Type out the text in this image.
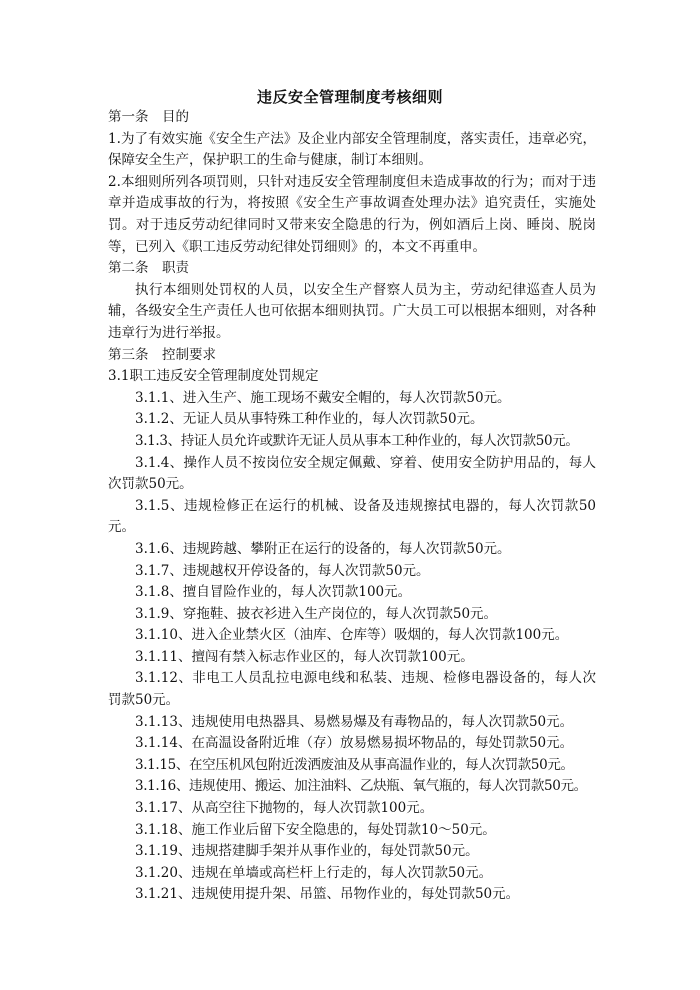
违反安全管理制度考核细则
第一条　目的
1.为了有效实施《安全生产法》及企业内部安全管理制度，落实责任，违章必究，保障安全生产，保护职工的生命与健康，制订本细则。
2.本细则所列各项罚则，只针对违反安全管理制度但未造成事故的行为；而对于违章并造成事故的行为，将按照《安全生产事故调查处理办法》追究责任，实施处罚。对于违反劳动纪律同时又带来安全隐患的行为，例如酒后上岗、睡岗、脱岗等，已列入《职工违反劳动纪律处罚细则》的，本文不再重申。
第二条　职责
执行本细则处罚权的人员，以安全生产督察人员为主，劳动纪律巡查人员为辅，各级安全生产责任人也可依据本细则执罚。广大员工可以根据本细则，对各种违章行为进行举报。
第三条　控制要求
3.1职工违反安全管理制度处罚规定
3.1.1、进入生产、施工现场不戴安全帽的，每人次罚款50元。
3.1.2、无证人员从事特殊工种作业的，每人次罚款50元。
3.1.3、持证人员允许或默许无证人员从事本工种作业的，每人次罚款50元。
3.1.4、操作人员不按岗位安全规定佩戴、穿着、使用安全防护用品的，每人次罚款50元。
3.1.5、违规检修正在运行的机械、设备及违规擦拭电器的，每人次罚款50元。
3.1.6、违规跨越、攀附正在运行的设备的，每人次罚款50元。
3.1.7、违规越权开停设备的，每人次罚款50元。
3.1.8、擅自冒险作业的，每人次罚款100元。
3.1.9、穿拖鞋、披衣衫进入生产岗位的，每人次罚款50元。
3.1.10、进入企业禁火区（油库、仓库等）吸烟的，每人次罚款100元。
3.1.11、擅闯有禁入标志作业区的，每人次罚款100元。
3.1.12、非电工人员乱拉电源电线和私装、违规、检修电器设备的，每人次罚款50元。
3.1.13、违规使用电热器具、易燃易爆及有毒物品的，每人次罚款50元。
3.1.14、在高温设备附近堆（存）放易燃易损坏物品的，每处罚款50元。
3.1.15、在空压机风包附近泼洒废油及从事高温作业的，每人次罚款50元。
3.1.16、违规使用、搬运、加注油料、乙炔瓶、氧气瓶的，每人次罚款50元。
3.1.17、从高空往下抛物的，每人次罚款100元。
3.1.18、施工作业后留下安全隐患的，每处罚款10～50元。
3.1.19、违规搭建脚手架并从事作业的，每处罚款50元。
3.1.20、违规在单墙或高栏杆上行走的，每人次罚款50元。
3.1.21、违规使用提升架、吊篮、吊物作业的，每处罚款50元。
